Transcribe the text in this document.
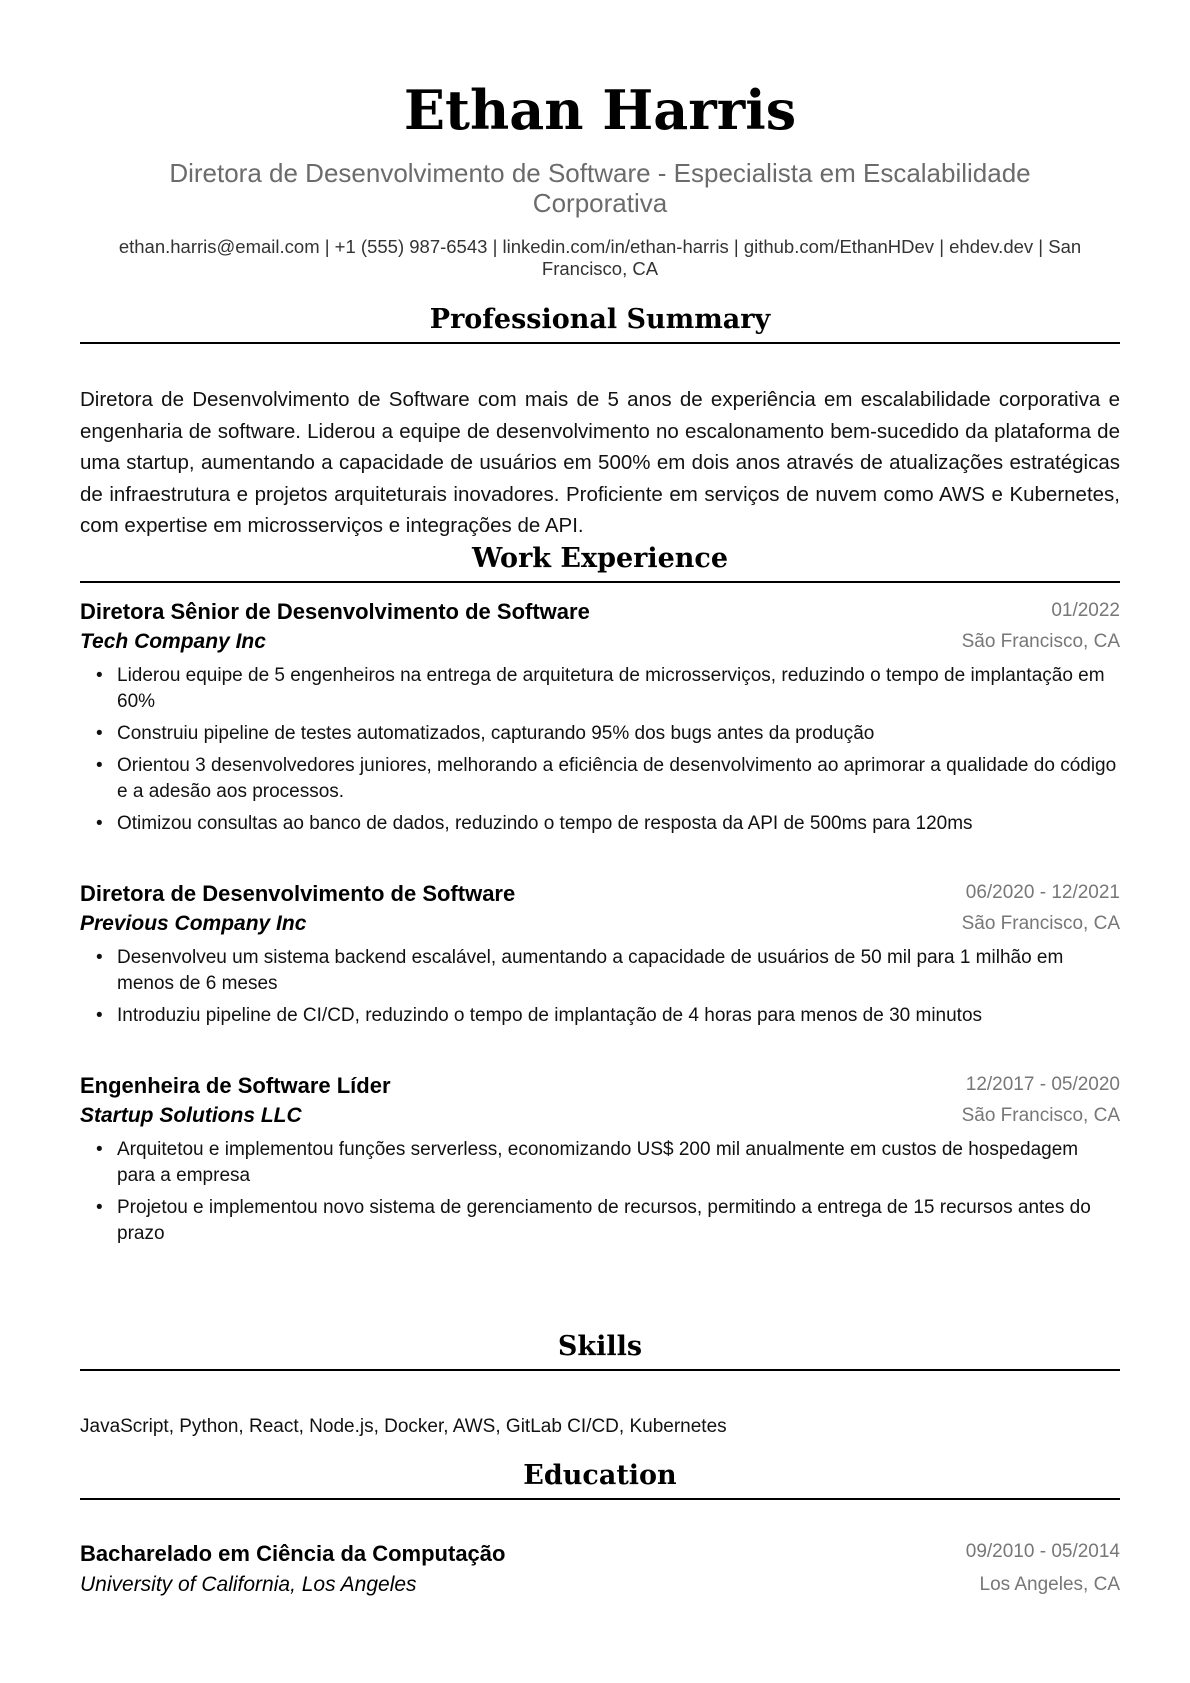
Ethan Harris
Diretora de Desenvolvimento de Software - Especialista em Escalabilidade Corporativa
ethan.harris@email.com | +1 (555) 987-6543 | linkedin.com/in/ethan-harris | github.com/EthanHDev | ehdev.dev | San Francisco, CA
Professional Summary

Diretora de Desenvolvimento de Software com mais de 5 anos de experiência em escalabilidade corporativa e engenharia de software. Liderou a equipe de desenvolvimento no escalonamento bem-sucedido da plataforma de uma startup, aumentando a capacidade de usuários em 500% em dois anos através de atualizações estratégicas de infraestrutura e projetos arquiteturais inovadores. Proficiente em serviços de nuvem como AWS e Kubernetes, com expertise em microsserviços e integrações de API.

Work Experience
Diretora Sênior de Desenvolvimento de Software	01/2022
Tech Company Inc	São Francisco, CA
• Liderou equipe de 5 engenheiros na entrega de arquitetura de microsserviços, reduzindo o tempo de implantação em 60%
• Construiu pipeline de testes automatizados, capturando 95% dos bugs antes da produção
• Orientou 3 desenvolvedores juniores, melhorando a eficiência de desenvolvimento ao aprimorar a qualidade do código e a adesão aos processos.
• Otimizou consultas ao banco de dados, reduzindo o tempo de resposta da API de 500ms para 120ms
Diretora de Desenvolvimento de Software	06/2020 - 12/2021
Previous Company Inc	São Francisco, CA
• Desenvolveu um sistema backend escalável, aumentando a capacidade de usuários de 50 mil para 1 milhão em menos de 6 meses
• Introduziu pipeline de CI/CD, reduzindo o tempo de implantação de 4 horas para menos de 30 minutos
Engenheira de Software Líder	12/2017 - 05/2020
Startup Solutions LLC	São Francisco, CA
• Arquitetou e implementou funções serverless, economizando US$ 200 mil anualmente em custos de hospedagem para a empresa
• Projetou e implementou novo sistema de gerenciamento de recursos, permitindo a entrega de 15 recursos antes do prazo
Skills
JavaScript, Python, React, Node.js, Docker, AWS, GitLab CI/CD, Kubernetes
Education
Bacharelado em Ciência da Computação	09/2010 - 05/2014
University of California, Los Angeles	Los Angeles, CA
